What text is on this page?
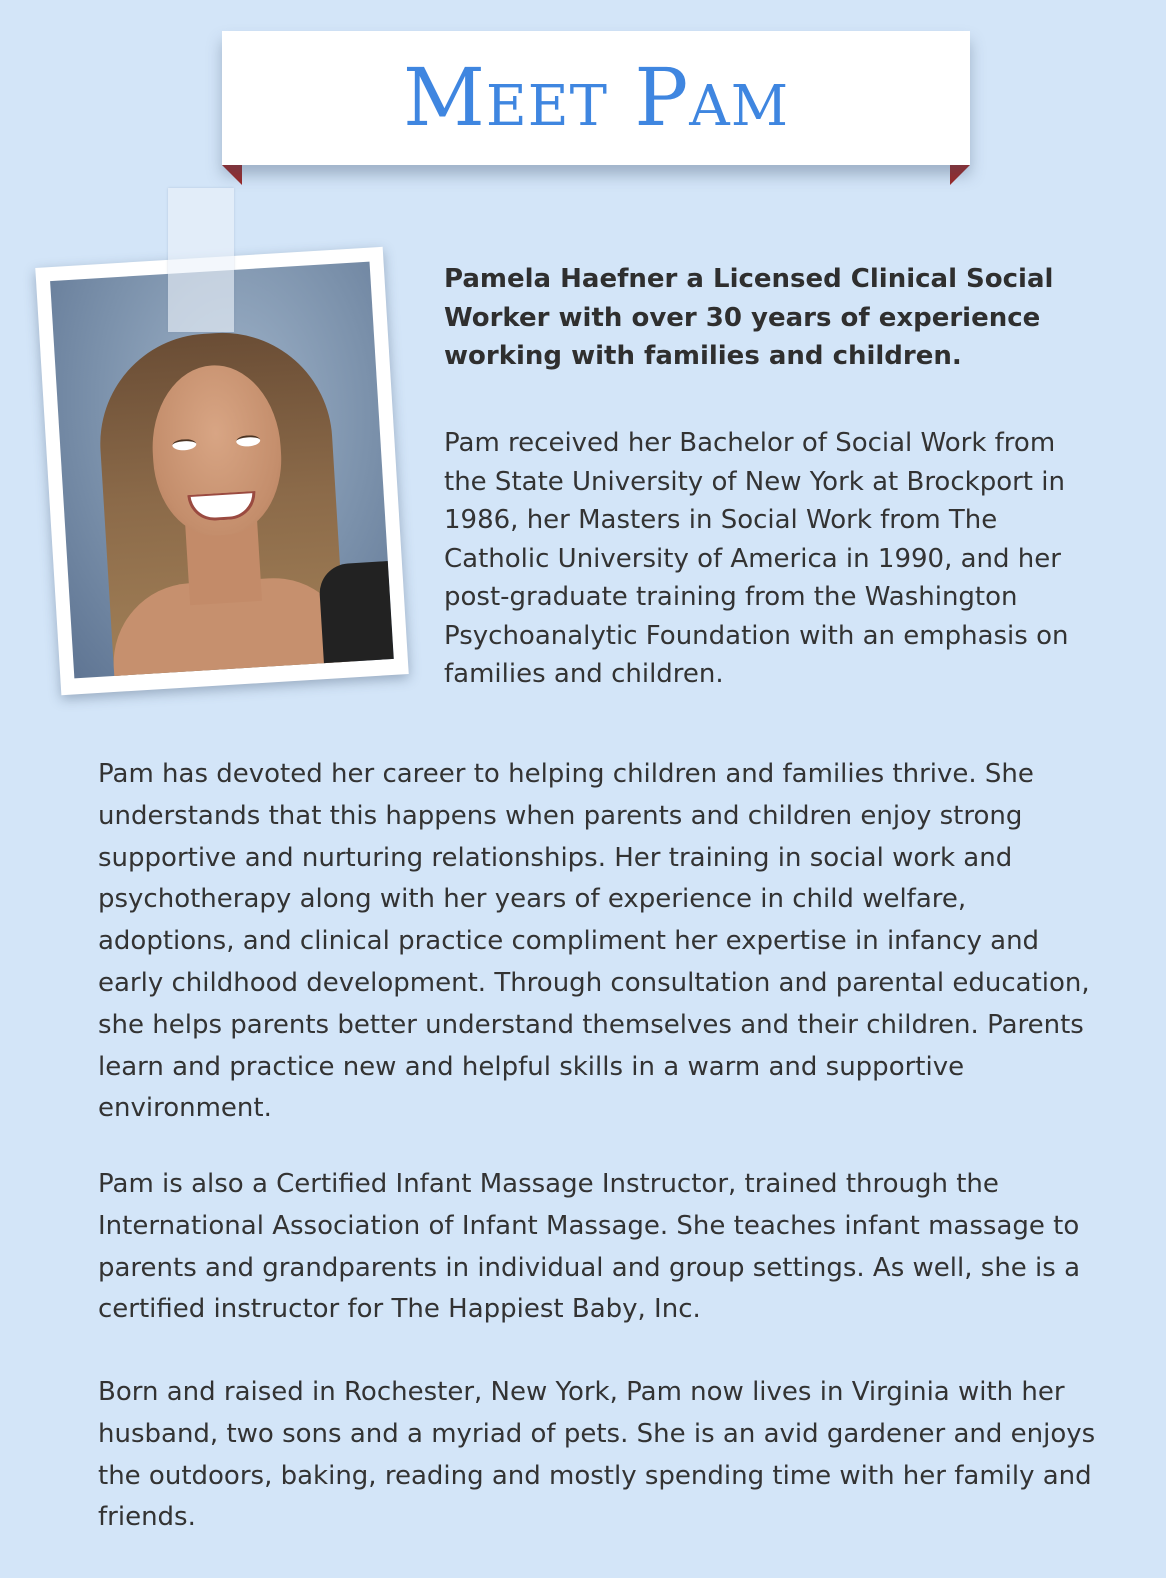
Meet Pam

Pamela Haefner a Licensed Clinical Social Worker with over 30 years of experience working with families and children.

Pam received her Bachelor of Social Work from the State University of New York at Brockport in 1986, her Masters in Social Work from The Catholic University of America in 1990, and her post-graduate training from the Washington Psychoanalytic Foundation with an emphasis on families and children.

Pam has devoted her career to helping children and families thrive. She understands that this happens when parents and children enjoy strong supportive and nurturing relationships. Her training in social work and psychotherapy along with her years of experience in child welfare, adoptions, and clinical practice compliment her expertise in infancy and early childhood development. Through consultation and parental education, she helps parents better understand themselves and their children. Parents learn and practice new and helpful skills in a warm and supportive environment.

Pam is also a Certified Infant Massage Instructor, trained through the International Association of Infant Massage. She teaches infant massage to parents and grandparents in individual and group settings. As well, she is a certified instructor for The Happiest Baby, Inc.

Born and raised in Rochester, New York, Pam now lives in Virginia with her husband, two sons and a myriad of pets. She is an avid gardener and enjoys the outdoors, baking, reading and mostly spending time with her family and friends.
